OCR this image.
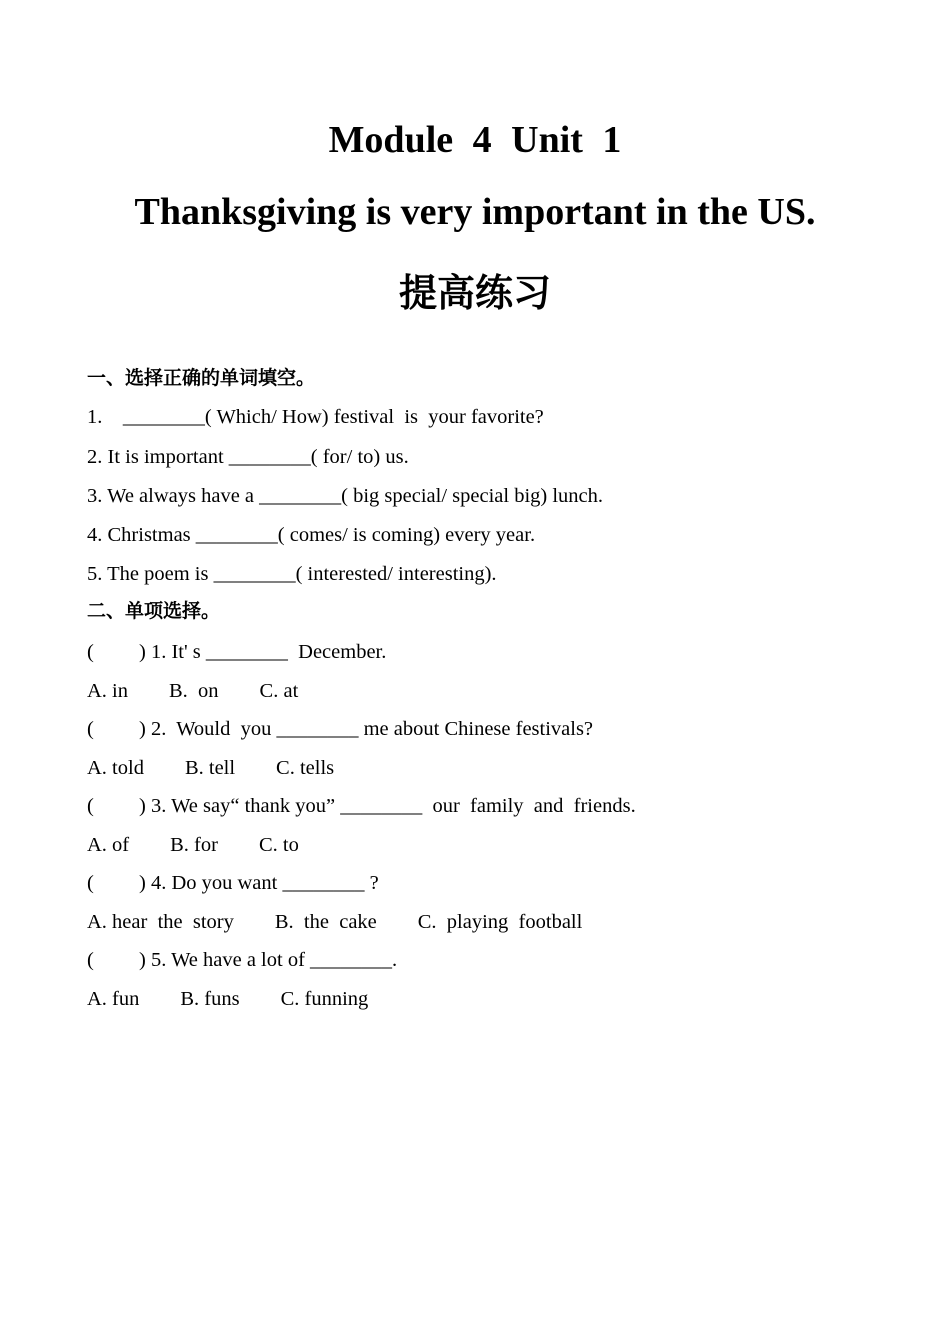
Module 4 Unit 1
Thanksgiving is very important in the US.
提高练习
一、选择正确的单词填空。
1.    ________( Which/ How) festival  is  your favorite?
2. It is important ________( for/ to) us.
3. We always have a ________( big special/ special big) lunch.
4. Christmas ________( comes/ is coming) every year.
5. The poem is ________( interested/ interesting).
二、单项选择。
( ) 1. It' s ________  December.
A. in        B.  on        C. at
( ) 2.  Would  you ________ me about Chinese festivals?
A. told        B. tell        C. tells
( ) 3. We say“ thank you” ________  our  family  and  friends.
A. of        B. for        C. to
( ) 4. Do you want ________ ?
A. hear  the  story        B.  the  cake        C.  playing  football
( ) 5. We have a lot of ________.
A. fun        B. funs        C. funning
